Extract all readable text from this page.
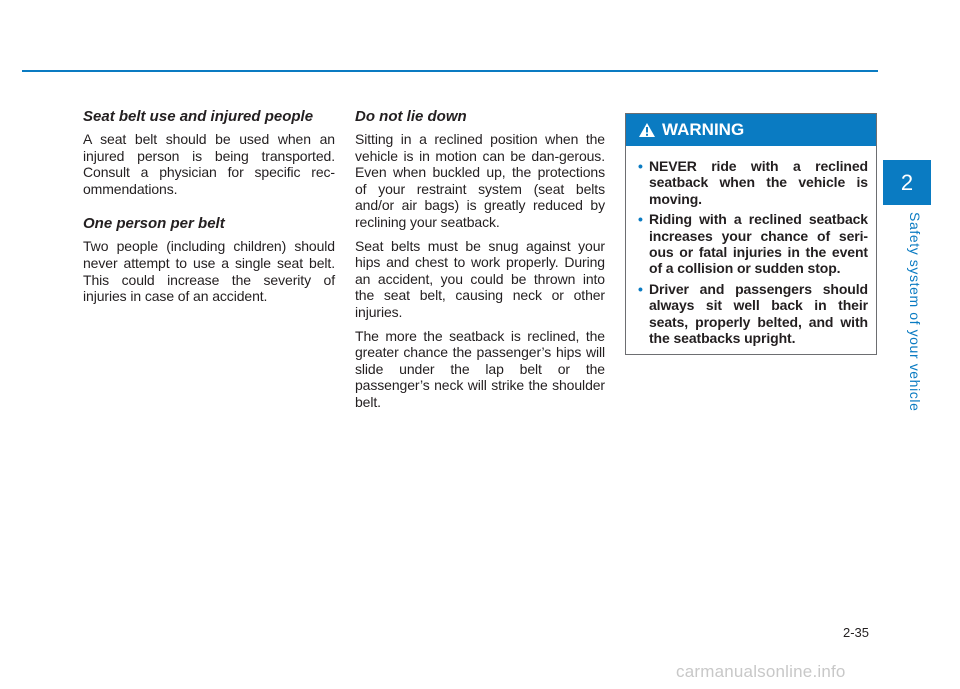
Seat belt use and injured people

A seat belt should be used when an injured person is being transported. Consult a physician for specific rec-ommendations.

One person per belt

Two people (including children) should never attempt to use a single seat belt. This could increase the severity of injuries in case of an accident.

Do not lie down

Sitting in a reclined position when the vehicle is in motion can be dan-gerous. Even when buckled up, the protections of your restraint system (seat belts and/or air bags) is greatly reduced by reclining your seatback.

Seat belts must be snug against your hips and chest to work properly. During an accident, you could be thrown into the seat belt, causing neck or other injuries.

The more the seatback is reclined, the greater chance the passenger’s hips will slide under the lap belt or the passenger’s neck will strike the shoulder belt.

WARNING
• NEVER ride with a reclined seatback when the vehicle is moving.
• Riding with a reclined seatback increases your chance of seri-ous or fatal injuries in the event of a collision or sudden stop.
• Driver and passengers should always sit well back in their seats, properly belted, and with the seatbacks upright.
2
Safety system of your vehicle
2-35
carmanualsonline.info
